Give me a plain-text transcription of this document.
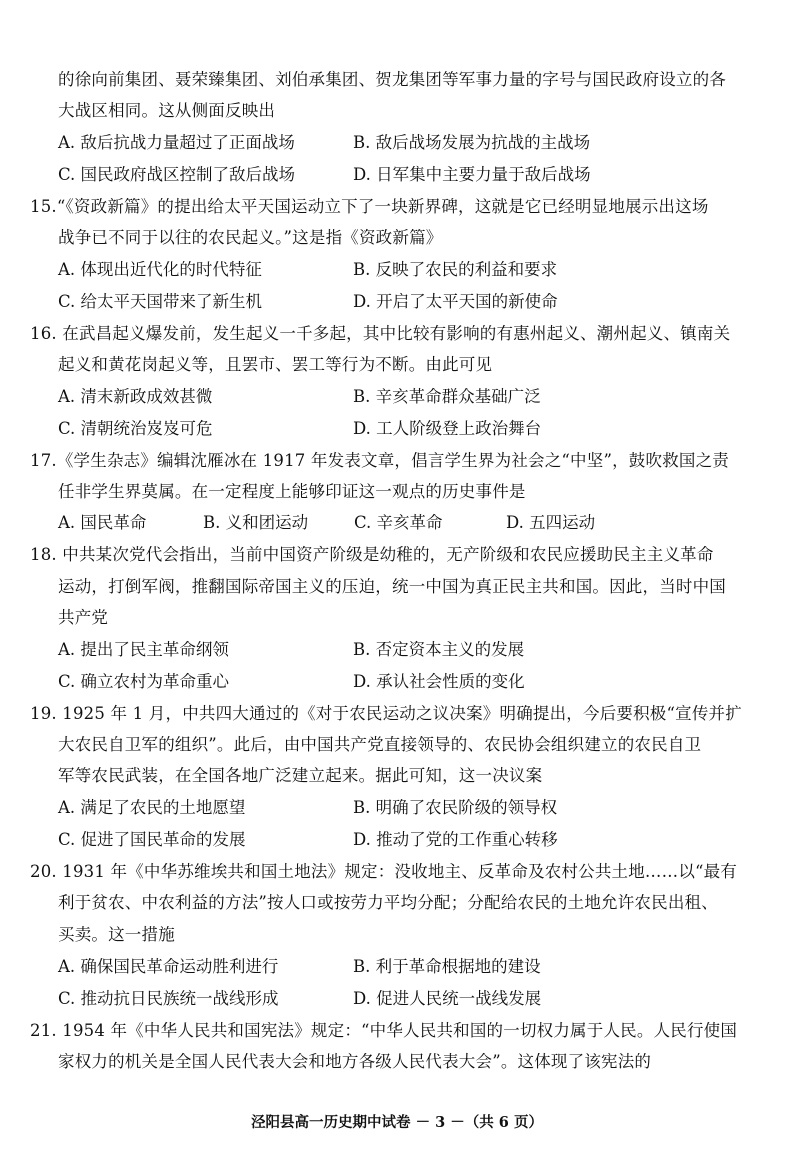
的徐向前集团、聂荣臻集团、刘伯承集团、贺龙集团等军事力量的字号与国民政府设立的各
大战区相同。这从侧面反映出
A. 敌后抗战力量超过了正面战场	B. 敌后战场发展为抗战的主战场
C. 国民政府战区控制了敌后战场	D. 日军集中主要力量于敌后战场
15.“《资政新篇》的提出给太平天国运动立下了一块新界碑，这就是它已经明显地展示出这场
战争已不同于以往的农民起义。”这是指《资政新篇》
A. 体现出近代化的时代特征	B. 反映了农民的利益和要求
C. 给太平天国带来了新生机	D. 开启了太平天国的新使命
16. 在武昌起义爆发前，发生起义一千多起，其中比较有影响的有惠州起义、潮州起义、镇南关
起义和黄花岗起义等，且罢市、罢工等行为不断。由此可见
A. 清末新政成效甚微	B. 辛亥革命群众基础广泛
C. 清朝统治岌岌可危	D. 工人阶级登上政治舞台
17.《学生杂志》编辑沈雁冰在 1917 年发表文章，倡言学生界为社会之“中坚”，鼓吹救国之责
任非学生界莫属。在一定程度上能够印证这一观点的历史事件是
A. 国民革命	B. 义和团运动	C. 辛亥革命	D. 五四运动
18. 中共某次党代会指出，当前中国资产阶级是幼稚的，无产阶级和农民应援助民主主义革命
运动，打倒军阀，推翻国际帝国主义的压迫，统一中国为真正民主共和国。因此，当时中国
共产党
A. 提出了民主革命纲领	B. 否定资本主义的发展
C. 确立农村为革命重心	D. 承认社会性质的变化
19. 1925 年 1 月，中共四大通过的《对于农民运动之议决案》明确提出，今后要积极“宣传并扩
大农民自卫军的组织”。此后，由中国共产党直接领导的、农民协会组织建立的农民自卫
军等农民武装，在全国各地广泛建立起来。据此可知，这一决议案
A. 满足了农民的土地愿望	B. 明确了农民阶级的领导权
C. 促进了国民革命的发展	D. 推动了党的工作重心转移
20. 1931 年《中华苏维埃共和国土地法》规定：没收地主、反革命及农村公共土地……以“最有
利于贫农、中农利益的方法”按人口或按劳力平均分配；分配给农民的土地允许农民出租、
买卖。这一措施
A. 确保国民革命运动胜利进行	B. 利于革命根据地的建设
C. 推动抗日民族统一战线形成	D. 促进人民统一战线发展
21. 1954 年《中华人民共和国宪法》规定：“中华人民共和国的一切权力属于人民。人民行使国
家权力的机关是全国人民代表大会和地方各级人民代表大会”。这体现了该宪法的
泾阳县高一历史期中试卷 － 3 －（共 6 页）
